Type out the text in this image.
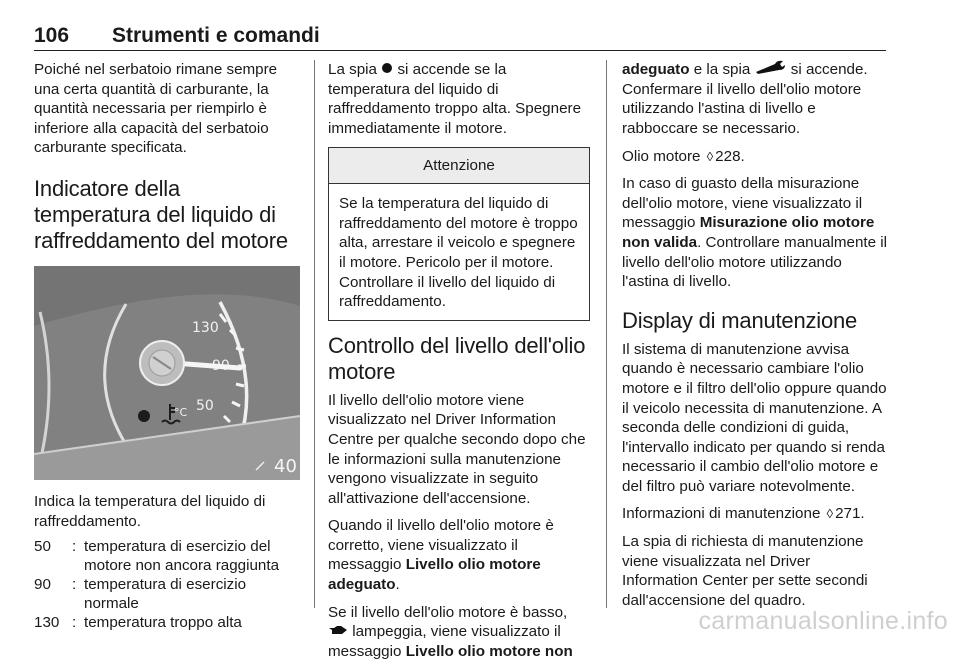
106 Strumenti e comandi

Poiché nel serbatoio rimane sempre una certa quantità di carburante, la quantità necessaria per riempirlo è inferiore alla capacità del serbatoio carburante specificata.

Indicatore della temperatura del liquido di raffreddamento del motore
130
50
°C
40

Indica la temperatura del liquido di raffreddamento.

50	:	temperatura di esercizio del motore non ancora raggiunta
90	:	temperatura di esercizio normale
130	:	temperatura troppo alta

La spia si accende se la temperatura del liquido di raffreddamento troppo alta. Spegnere immediatamente il motore.

Attenzione
Se la temperatura del liquido di raffreddamento del motore è troppo alta, arrestare il veicolo e spegnere il motore. Pericolo per il motore. Controllare il livello del liquido di raffreddamento.
Controllo del livello dell'olio motore

Il livello dell'olio motore viene visualizzato nel Driver Information Centre per qualche secondo dopo che le informazioni sulla manutenzione vengono visualizzate in seguito all'attivazione dell'accensione.

Quando il livello dell'olio motore è corretto, viene visualizzato il messaggio Livello olio motore adeguato.

Se il livello dell'olio motore è basso,  lampeggia, viene visualizzato il messaggio Livello olio motore non

adeguato e la spia	si accende. Confermare il livello dell'olio motore utilizzando l'astina di livello e rabboccare se necessario.

Olio motore ◊ 228.

In caso di guasto della misurazione dell'olio motore, viene visualizzato il messaggio Misurazione olio motore non valida. Controllare manualmente il livello dell'olio motore utilizzando l'astina di livello.

Display di manutenzione

Il sistema di manutenzione avvisa quando è necessario cambiare l'olio motore e il filtro dell'olio oppure quando il veicolo necessita di manutenzione. A seconda delle condizioni di guida, l'intervallo indicato per quando si renda necessario il cambio dell'olio motore e del filtro può variare notevolmente.

Informazioni di manutenzione ◊ 271.

La spia di richiesta di manutenzione viene visualizzata nel Driver Information Center per sette secondi dall'accensione del quadro.

carmanualsonline.info
